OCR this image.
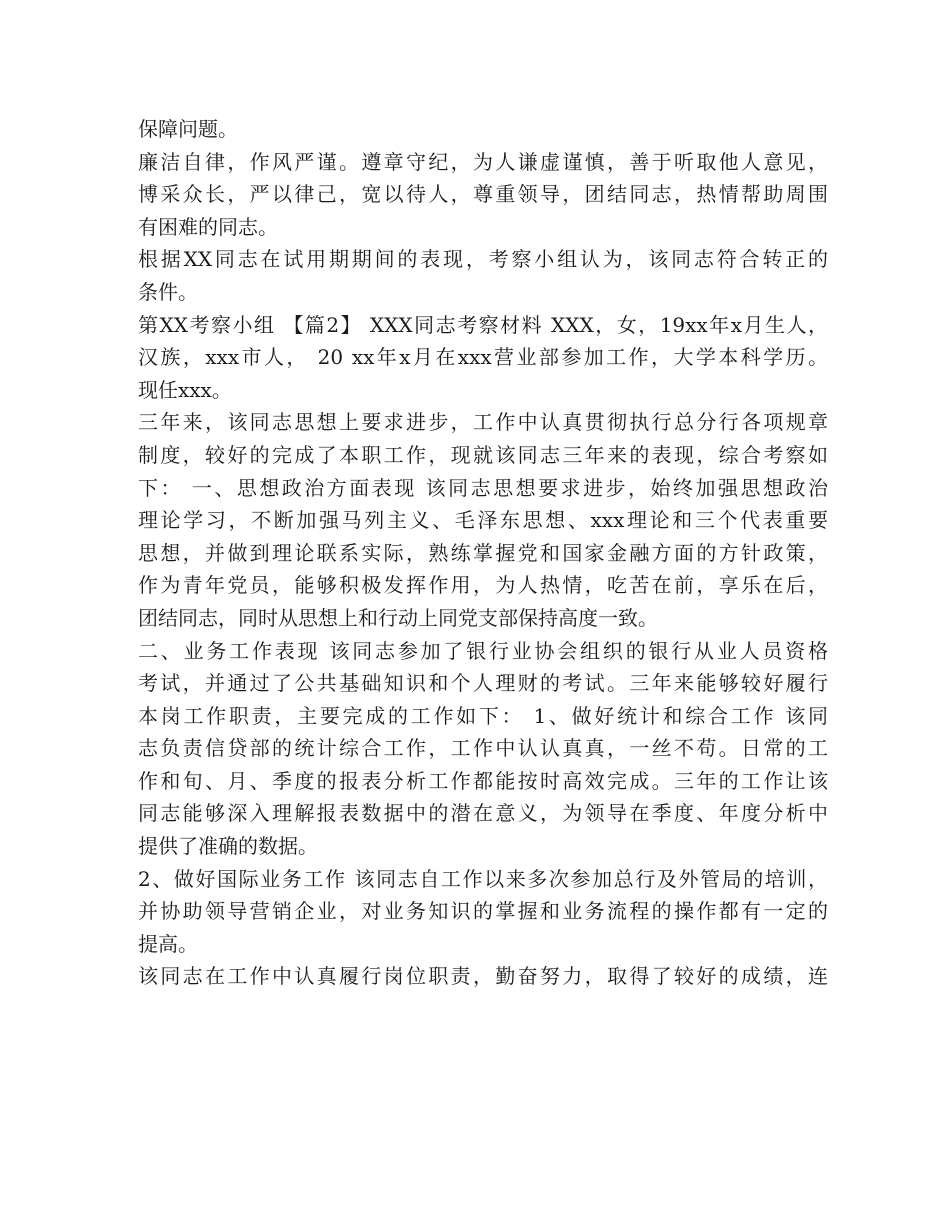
保障问题。
廉洁自律，作风严谨。遵章守纪，为人谦虚谨慎，善于听取他人意见，
博采众长，严以律己，宽以待人，尊重领导，团结同志，热情帮助周围
有困难的同志。
根据XX同志在试用期期间的表现，考察小组认为，该同志符合转正的
条件。
第XX考察小组 【篇2】 XXX同志考察材料 XXX，女，19xx年x月生人，
汉族，xxx市人， 20 xx年x月在xxx营业部参加工作，大学本科学历。
现任xxx。
三年来，该同志思想上要求进步，工作中认真贯彻执行总分行各项规章
制度，较好的完成了本职工作，现就该同志三年来的表现，综合考察如
下： 一、思想政治方面表现 该同志思想要求进步，始终加强思想政治
理论学习，不断加强马列主义、毛泽东思想、xxx理论和三个代表重要
思想，并做到理论联系实际，熟练掌握党和国家金融方面的方针政策，
作为青年党员，能够积极发挥作用，为人热情，吃苦在前，享乐在后，
团结同志，同时从思想上和行动上同党支部保持高度一致。
二、业务工作表现 该同志参加了银行业协会组织的银行从业人员资格
考试，并通过了公共基础知识和个人理财的考试。三年来能够较好履行
本岗工作职责，主要完成的工作如下： 1、做好统计和综合工作 该同
志负责信贷部的统计综合工作，工作中认认真真，一丝不苟。日常的工
作和旬、月、季度的报表分析工作都能按时高效完成。三年的工作让该
同志能够深入理解报表数据中的潜在意义，为领导在季度、年度分析中
提供了准确的数据。
2、做好国际业务工作 该同志自工作以来多次参加总行及外管局的培训，
并协助领导营销企业，对业务知识的掌握和业务流程的操作都有一定的
提高。
该同志在工作中认真履行岗位职责，勤奋努力，取得了较好的成绩，连
